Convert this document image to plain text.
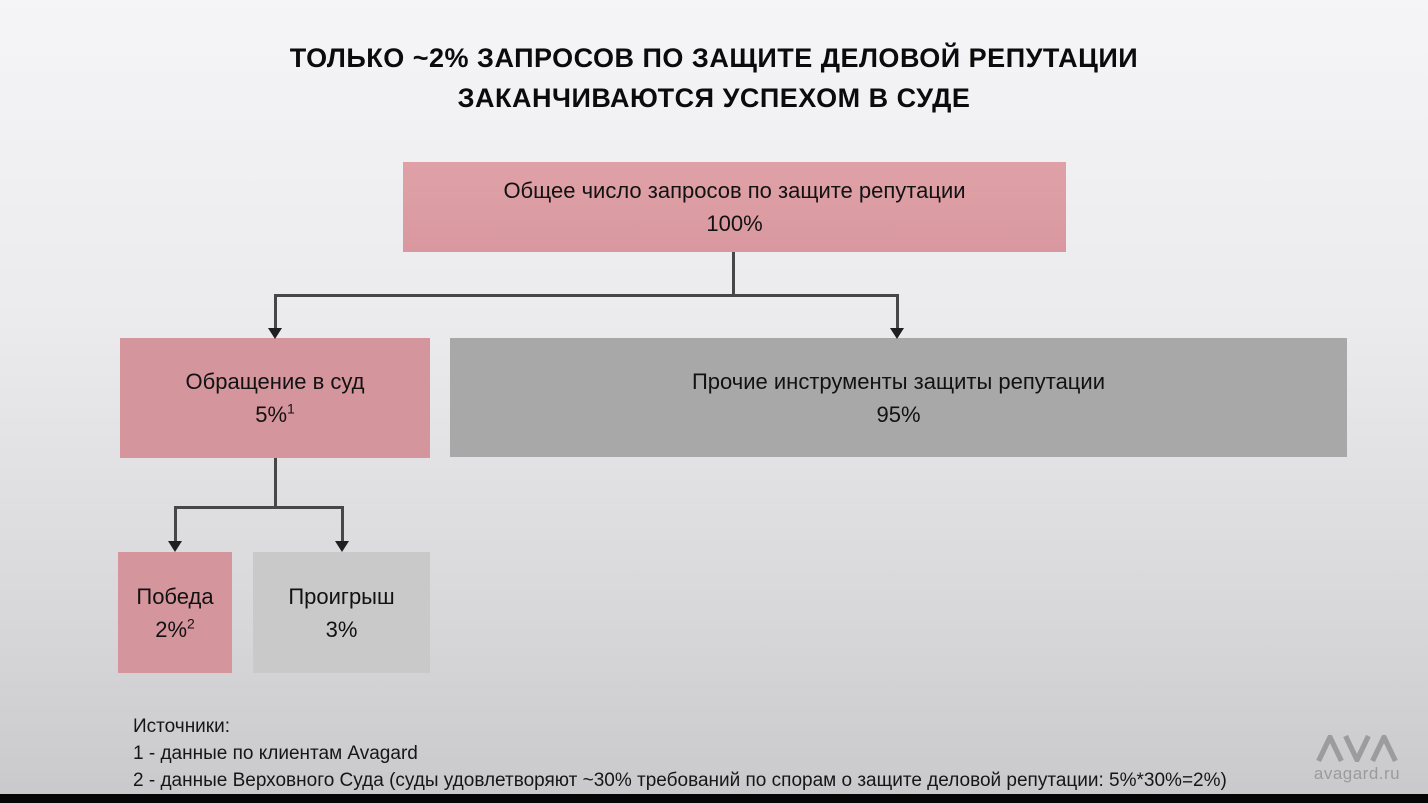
ТОЛЬКО ~2% ЗАПРОСОВ ПО ЗАЩИТЕ ДЕЛОВОЙ РЕПУТАЦИИ
ЗАКАНЧИВАЮТСЯ УСПЕХОМ В СУДЕ
Общее число запросов по защите репутации
100%
Обращение в суд
5%$^1$
Прочие инструменты защиты репутации
95%
Победа
2%$^2$
Проигрыш
3%
Источники:
1 - данные по клиентам Avagard
2 - данные Верховного Суда (суды удовлетворяют ~30% требований по спорам о защите деловой репутации: 5%*30%=2%)	avagard.ru
